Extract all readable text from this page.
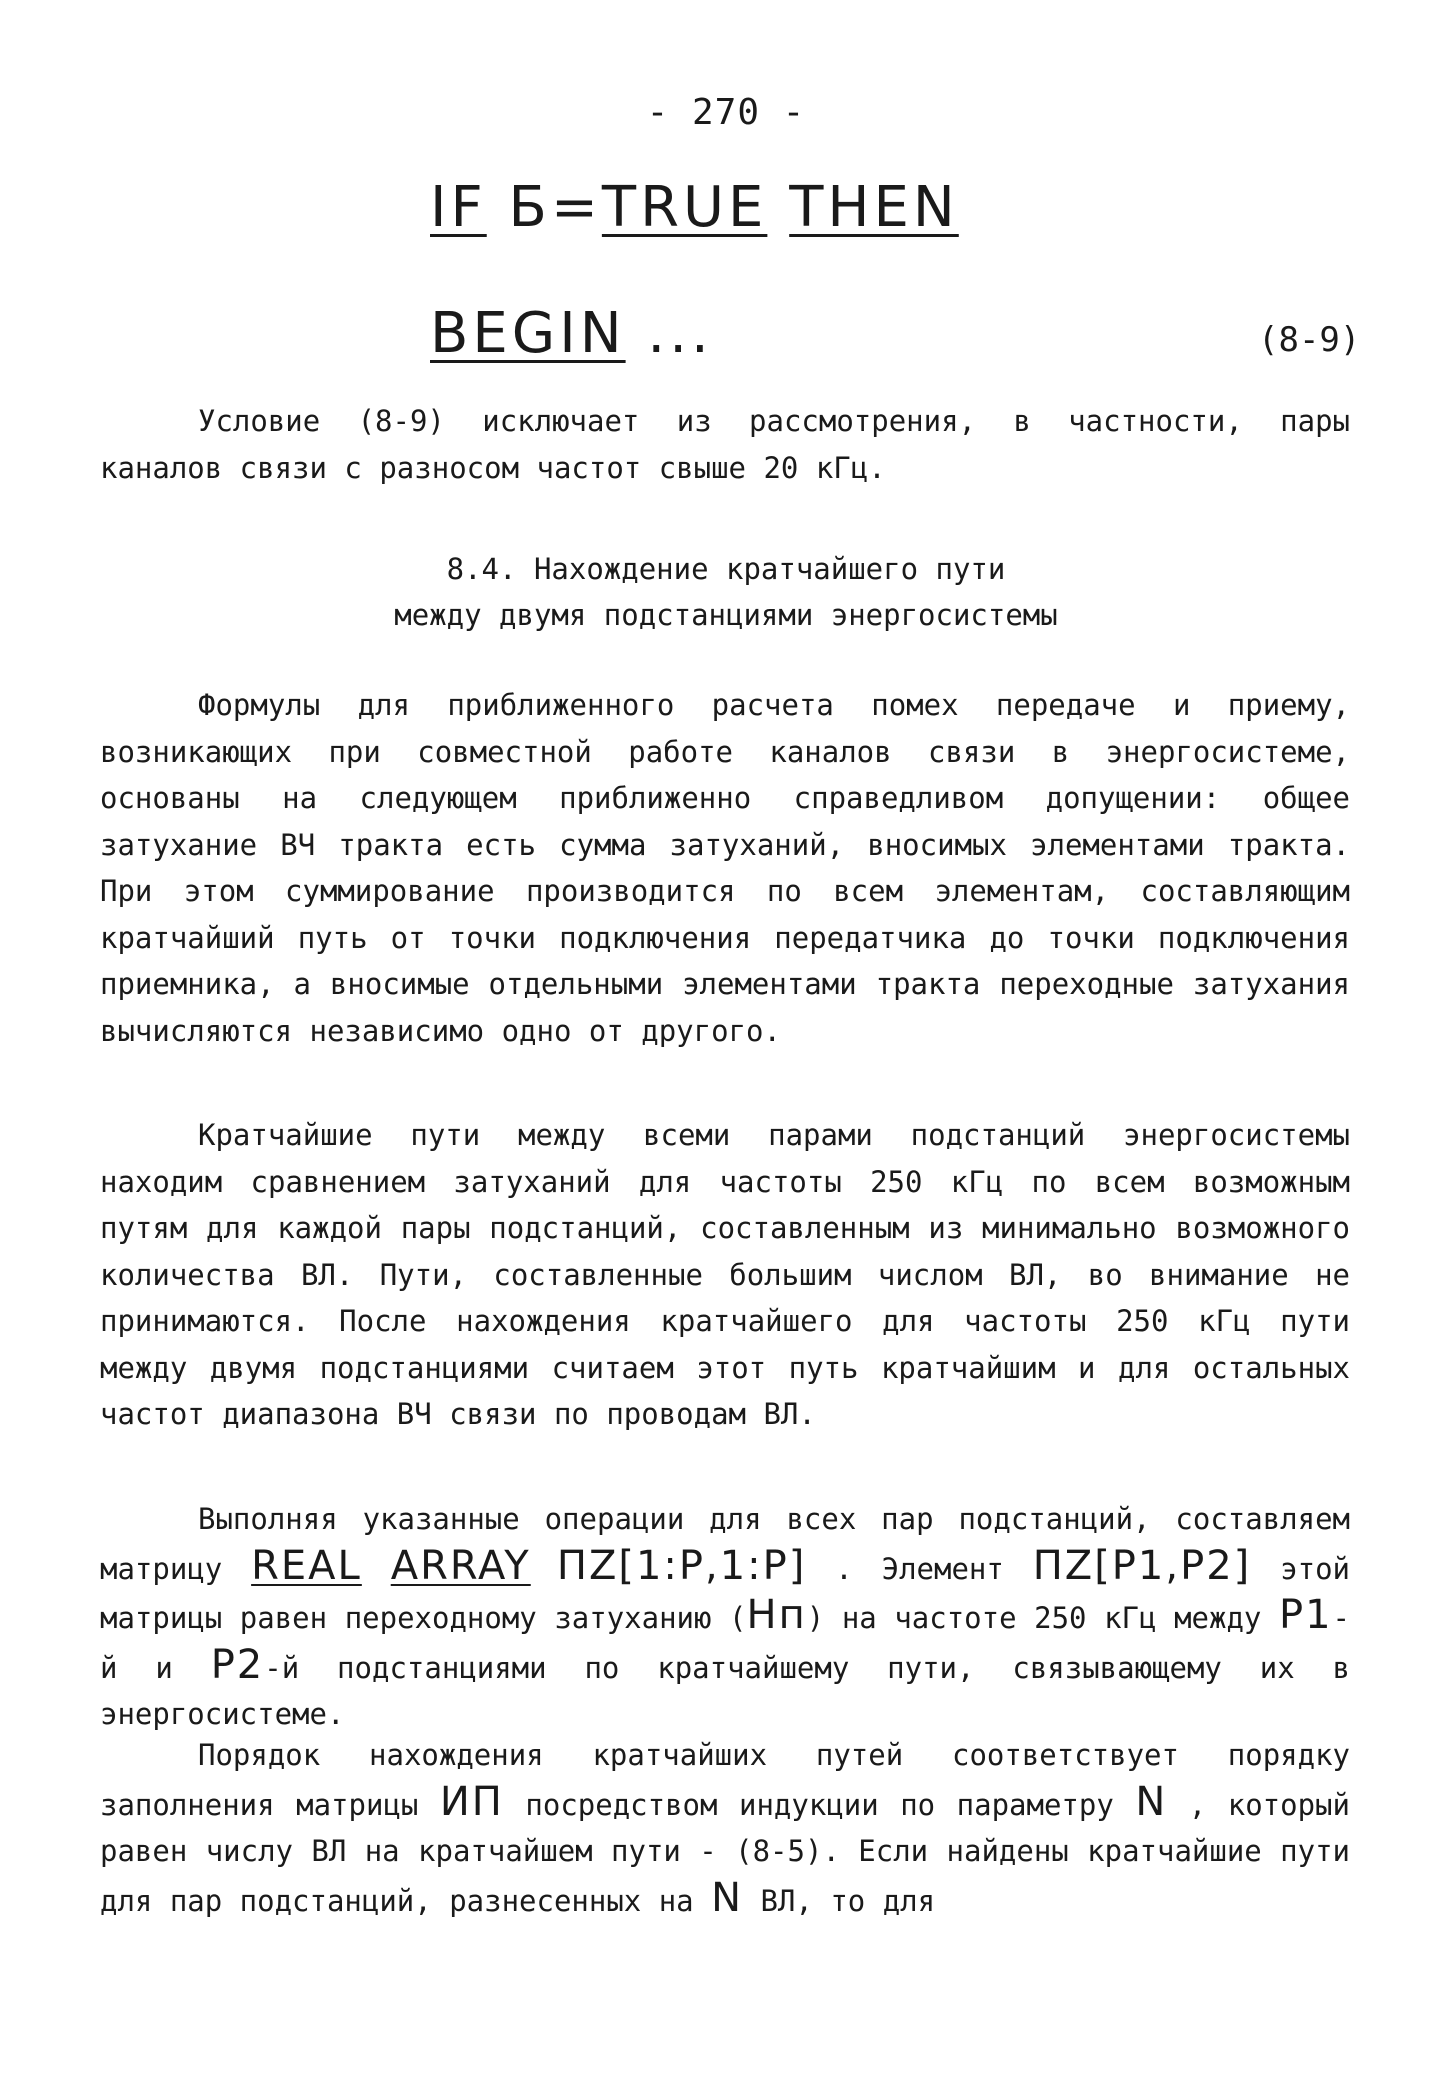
- 270 -
IF Б=TRUE THEN
BEGIN ...	(8-9)

Условие (8-9) исключает из рассмотрения, в частности, пары каналов связи с разносом частот свыше 20 кГц.

8.4. Нахождение кратчайшего пути
между двумя подстанциями энергосистемы

Формулы для приближенного расчета помех передаче и приему, возникающих при совместной работе каналов связи в энергосистеме, основаны на следующем приближенно справедливом допущении: общее затухание ВЧ тракта есть сумма затуханий, вносимых элементами тракта. При этом суммирование производится по всем элементам, составляющим кратчайший путь от точки подключения передатчика до точки подключения приемника, а вносимые отдельными элементами тракта переходные затухания вычисляются независимо одно от другого.

Кратчайшие пути между всеми парами подстанций энергосистемы находим сравнением затуханий для частоты 250 кГц по всем возможным путям для каждой пары подстанций, составленным из минимально возможного количества ВЛ. Пути, составленные большим числом ВЛ, во внимание не принимаются. После нахождения кратчайшего для частоты 250 кГц пути между двумя подстанциями считаем этот путь кратчайшим и для остальных частот диапазона ВЧ связи по проводам ВЛ.

Выполняя указанные операции для всех пар подстанций, составляем матрицу REAL ARRAY ПZ[1:P,1:P] . Элемент ПZ[Р1,Р2] этой матрицы равен переходному затуханию (Нп) на частоте 250 кГц между Р1-й и Р2-й подстанциями по кратчайшему пути, связывающему их в энергосистеме.

Порядок нахождения кратчайших путей соответствует порядку заполнения матрицы ИП посредством индукции по параметру N , который равен числу ВЛ на кратчайшем пути - (8-5). Если найдены кратчайшие пути для пар подстанций, разнесенных на N ВЛ, то для
